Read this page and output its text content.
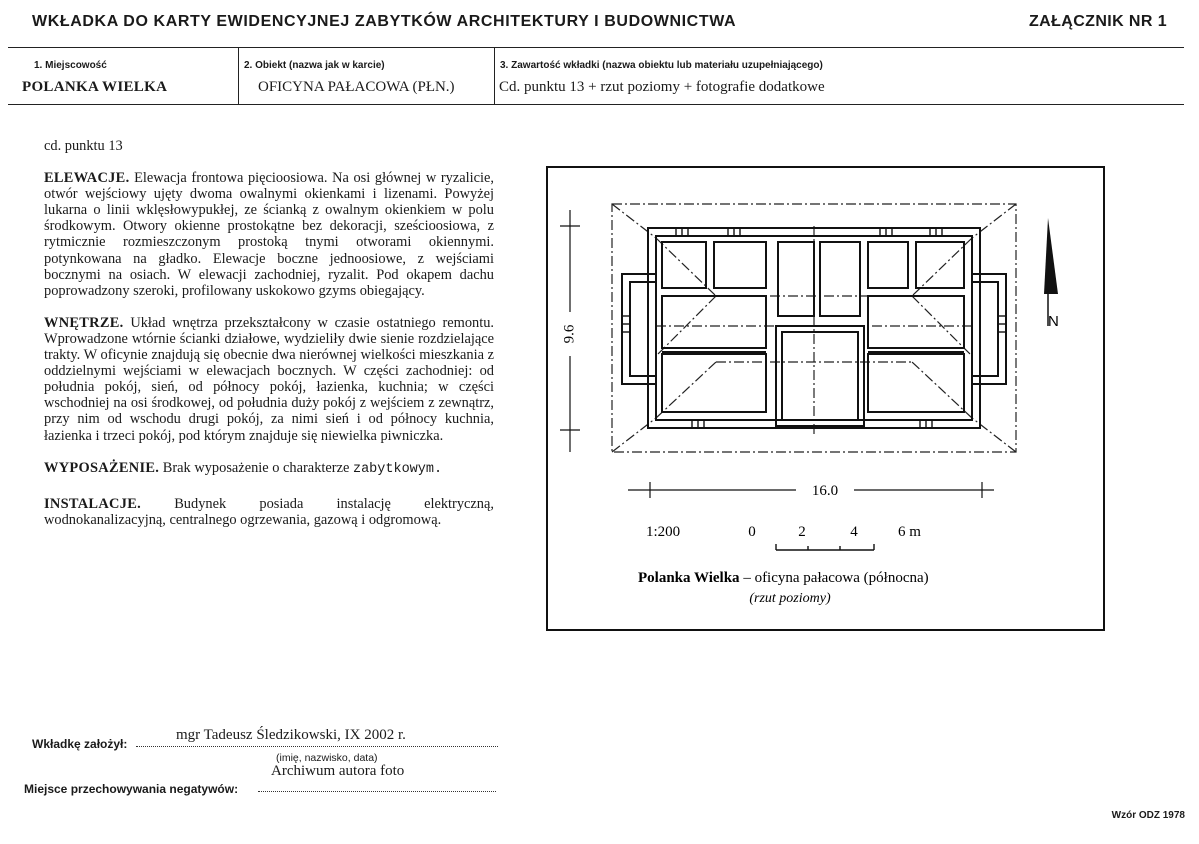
WKŁADKA DO KARTY EWIDENCYJNEJ ZABYTKÓW ARCHITEKTURY I BUDOWNICTWA	ZAŁĄCZNIK NR 1
1. Miejscowość
POLANKA WIELKA
2. Obiekt (nazwa jak w karcie)
OFICYNA PAŁACOWA (PŁN.)
3. Zawartość wkładki (nazwa obiektu lub materiału uzupełniającego)
Cd. punktu 13 + rzut poziomy + fotografie dodatkowe
cd. punktu 13

ELEWACJE. Elewacja frontowa pięcioosiowa. Na osi głównej w ryzalicie, otwór wejściowy ujęty dwoma owalnymi okienkami i lizenami. Powyżej lukarna o linii wklęsłowypukłej, ze ścianką z owalnym okienkiem w polu środkowym. Otwory okienne prostokątne bez dekoracji, sześcioosiowa, z rytmicznie rozmieszczonym prostoką tnymi otworami okiennymi. potynkowana na gładko. Elewacje boczne jednoosiowe, z wejściami bocznymi na osiach. W elewacji zachodniej, ryzalit. Pod okapem dachu poprowadzony szeroki, profilowany uskokowo gzyms obiegający.

WNĘTRZE. Układ wnętrza przekształcony w czasie ostatniego remontu. Wprowadzone wtórnie ścianki działowe, wydzieliły dwie sienie rozdzielające trakty. W oficynie znajdują się obecnie dwa nierównej wielkości mieszkania z oddzielnymi wejściami w elewacjach bocznych. W części zachodniej: od południa pokój, sień, od północy pokój, łazienka, kuchnia; w części wschodniej na osi środkowej, od południa duży pokój z wejściem z zewnątrz, przy nim od wschodu drugi pokój, za nimi sień i od północy kuchnia, łazienka i trzeci pokój, pod którym znajduje się niewielka piwniczka.

WYPOSAŻENIE. Brak wyposażenie o charakterze zabytkowym.

INSTALACJE. Budynek posiada instalację elektryczną, wodnokanalizacyjną, centralnego ogrzewania, gazową i odgromową.

9.6
16.0
N
1:200	0	2	4	6 m
Polanka Wielka – oficyna pałacowa (północna)
(rzut poziomy)
Wkładkę założył:
mgr Tadeusz Śledzikowski, IX 2002 r.
(imię, nazwisko, data)
Archiwum autora foto
Miejsce przechowywania negatywów:
Wzór ODZ 1978
